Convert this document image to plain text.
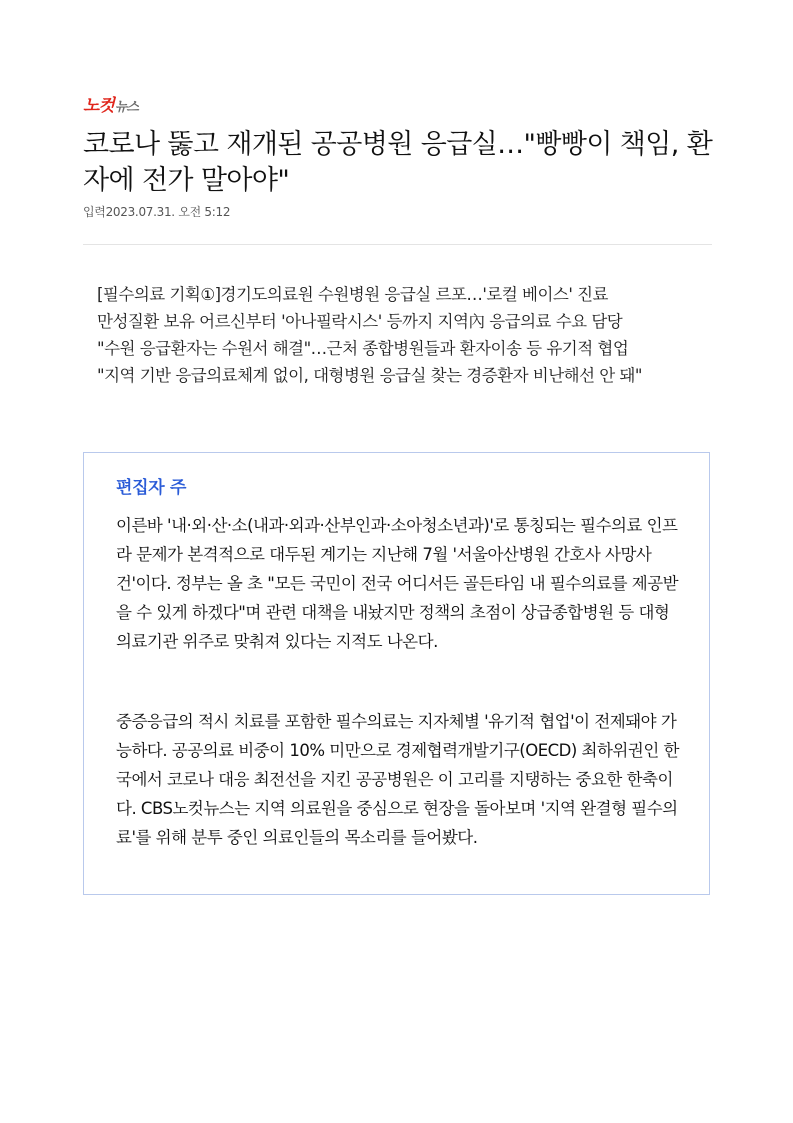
노컷 뉴스
코로나 뚫고 재개된 공공병원 응급실…"빵빵이 책임, 환자에 전가 말아야"
입력2023.07.31. 오전 5:12
[필수의료 기획①]경기도의료원 수원병원 응급실 르포…'로컬 베이스' 진료
만성질환 보유 어르신부터 '아나필락시스' 등까지 지역內 응급의료 수요 담당
"수원 응급환자는 수원서 해결"…근처 종합병원들과 환자이송 등 유기적 협업
"지역 기반 응급의료체계 없이, 대형병원 응급실 찾는 경증환자 비난해선 안 돼"
편집자 주

이른바 '내·외·산·소(내과·외과·산부인과·소아청소년과)'로 통칭되는 필수의료 인프라 문제가 본격적으로 대두된 계기는 지난해 7월 '서울아산병원 간호사 사망사건'이다. 정부는 올 초 "모든 국민이 전국 어디서든 골든타임 내 필수의료를 제공받을 수 있게 하겠다"며 관련 대책을 내놨지만 정책의 초점이 상급종합병원 등 대형 의료기관 위주로 맞춰져 있다는 지적도 나온다.

중증응급의 적시 치료를 포함한 필수의료는 지자체별 '유기적 협업'이 전제돼야 가능하다. 공공의료 비중이 10% 미만으로 경제협력개발기구(OECD) 최하위권인 한국에서 코로나 대응 최전선을 지킨 공공병원은 이 고리를 지탱하는 중요한 한축이다. CBS노컷뉴스는 지역 의료원을 중심으로 현장을 돌아보며 '지역 완결형 필수의료'를 위해 분투 중인 의료인들의 목소리를 들어봤다.
